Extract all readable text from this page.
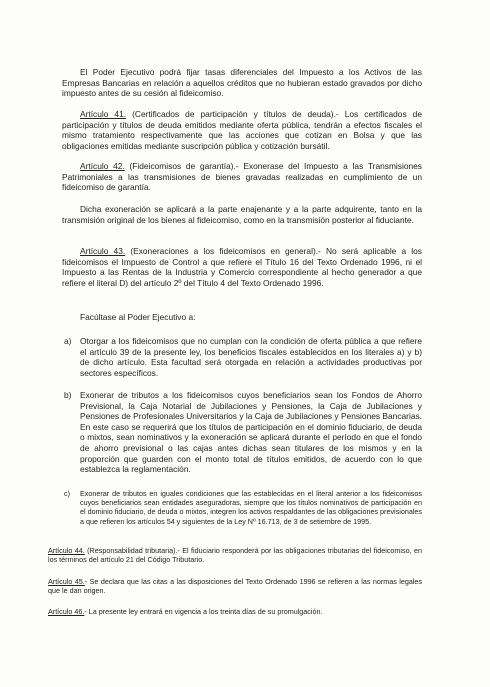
El Poder Ejecutivo podrá fijar tasas diferenciales del Impuesto a los Activos de las Empresas Bancarias en relación a aquellos créditos que no hubieran estado gravados por dicho impuesto antes de su cesión al fideicomiso.
Artículo 41. (Certificados de participación y títulos de deuda).- Los certificados de participación y títulos de deuda emitidos mediante oferta pública, tendrán a efectos fiscales el mismo tratamiento respectivamente que las acciones que cotizan en Bolsa y que las obligaciones emitidas mediante suscripción pública y cotización bursátil.
Artículo 42. (Fideicomisos de garantía).- Exonerase del Impuesto a las Transmisiones Patrimoniales a las transmisiones de bienes gravadas realizadas en cumplimiento de un fideicomiso de garantía.
Dicha exoneración se aplicará a la parte enajenante y a la parte adquirente, tanto en la transmisión original de los bienes al fideicomiso, como en la transmisión posterior al fiduciante.
Artículo 43. (Exoneraciones a los fideicomisos en general).- No será aplicable a los fideicomisos el Impuesto de Control a que refiere el Título 16 del Texto Ordenado 1996, ni el Impuesto a las Rentas de la Industria y Comercio correspondiente al hecho generador a que refiere el literal D) del artículo 2º del Título 4 del Texto Ordenado 1996.
Facúltase al Poder Ejecutivo a:
a)	Otorgar a los fideicomisos que no cumplan con la condición de oferta pública a que refiere el artículo 39 de la presente ley, los beneficios fiscales establecidos en los literales a) y b) de dicho artículo. Esta facultad será otorgada en relación a actividades productivas por sectores específicos.
b)	Exonerar de tributos a los fideicomisos cuyos beneficiarios sean los Fondos de Ahorro Previsional, la Caja Notarial de Jubilaciones y Pensiones, la Caja de Jubilaciones y Pensiones de Profesionales Universitarios y la Caja de Jubilaciones y Pensiones Bancarias. En este caso se requerirá que los títulos de participación en el dominio fiduciario, de deuda o mixtos, sean nominativos y la exoneración se aplicará durante el período en que el fondo de ahorro previsional o las cajas antes dichas sean titulares de los mismos y en la proporción que guarden con el monto total de títulos emitidos, de acuerdo con lo que establezca la reglamentación.
c)	Exonerar de tributos en iguales condiciones que las establecidas en el literal anterior a los fideicomisos cuyos beneficiarios sean entidades aseguradoras, siempre que los títulos nominativos de participación en el dominio fiduciario, de deuda o mixtos, integren los activos respaldantes de las obligaciones previsionales a que refieren los artículos 54 y siguientes de la Ley Nº 16.713, de 3 de setiembre de 1995.
Artículo 44. (Responsabilidad tributaria).- El fiduciario responderá por las obligaciones tributarias del fideicomiso, en los términos del artículo 21 del Código Tributario.
Artículo 45.- Se declara que las citas a las disposiciones del Texto Ordenado 1996 se refieren a las normas legales que le dan origen.
Artículo 46.- La presente ley entrará en vigencia a los treinta días de su promulgación.
